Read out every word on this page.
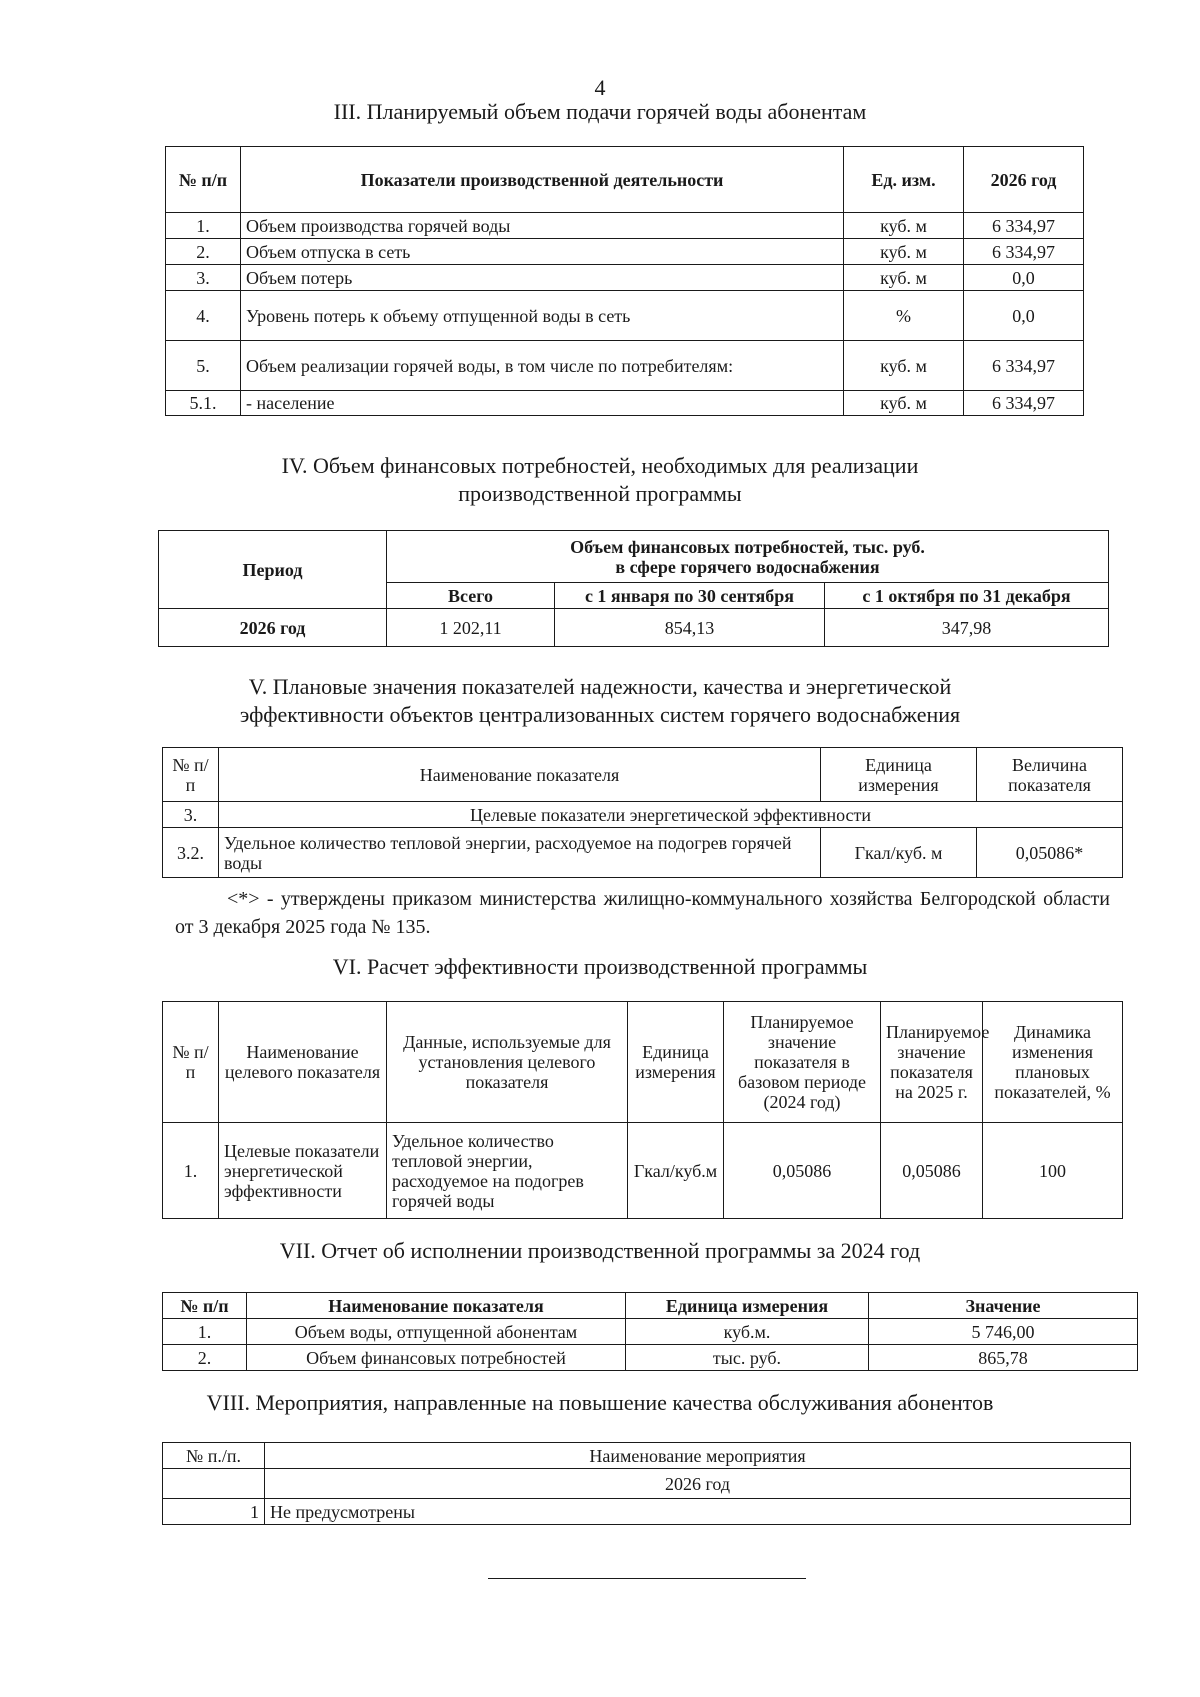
4
III. Планируемый объем подачи горячей воды абонентам
№ п/п	Показатели производственной деятельности	Ед. изм.	2026 год
1.	Объем производства горячей воды	куб. м	6 334,97
2.	Объем отпуска в сеть	куб. м	6 334,97
3.	Объем потерь	куб. м	0,0
4.	Уровень потерь к объему отпущенной воды в сеть	%	0,0
5.	Объем реализации горячей воды, в том числе по потребителям:	куб. м	6 334,97
5.1.	- население	куб. м	6 334,97
IV. Объем финансовых потребностей, необходимых для реализации
производственной программы
Период	Объем финансовых потребностей, тыс. руб.
в сфере горячего водоснабжения		

	Всего	с 1 января по 30 сентября	с 1 октября по 31 декабря
2026 год	1 202,11	854,13	347,98
V. Плановые значения показателей надежности, качества и энергетической
эффективности объектов централизованных систем горячего водоснабжения
№ п/п	Наименование показателя	Единица измерения	Величина показателя
3.	Целевые показатели энергетической эффективности		
3.2.	Удельное количество тепловой энергии, расходуемое на подогрев горячей воды	Гкал/куб. м	0,05086*
<*> - утверждены приказом министерства жилищно-коммунального хозяйства Белгородской области от 3 декабря 2025 года № 135.
VI. Расчет эффективности производственной программы
№ п/п	Наименование целевого показателя	Данные, используемые для установления целевого показателя	Единица измерения	Планируемое значение показателя в базовом периоде (2024 год)	Планируемое значение показателя на 2025 г.	Динамика изменения плановых показателей, %
1.	Целевые показатели энергетической эффективности	Удельное количество тепловой энергии, расходуемое на подогрев горячей воды	Гкал/куб.м	0,05086	0,05086	100
VII. Отчет об исполнении производственной программы за 2024 год
№ п/п	Наименование показателя	Единица измерения	Значение
1.	Объем воды, отпущенной абонентам	куб.м.	5 746,00
2.	Объем финансовых потребностей	тыс. руб.	865,78
VIII. Мероприятия, направленные на повышение качества обслуживания абонентов
№ п./п.	Наименование мероприятия
	2026 год
1	Не предусмотрены
